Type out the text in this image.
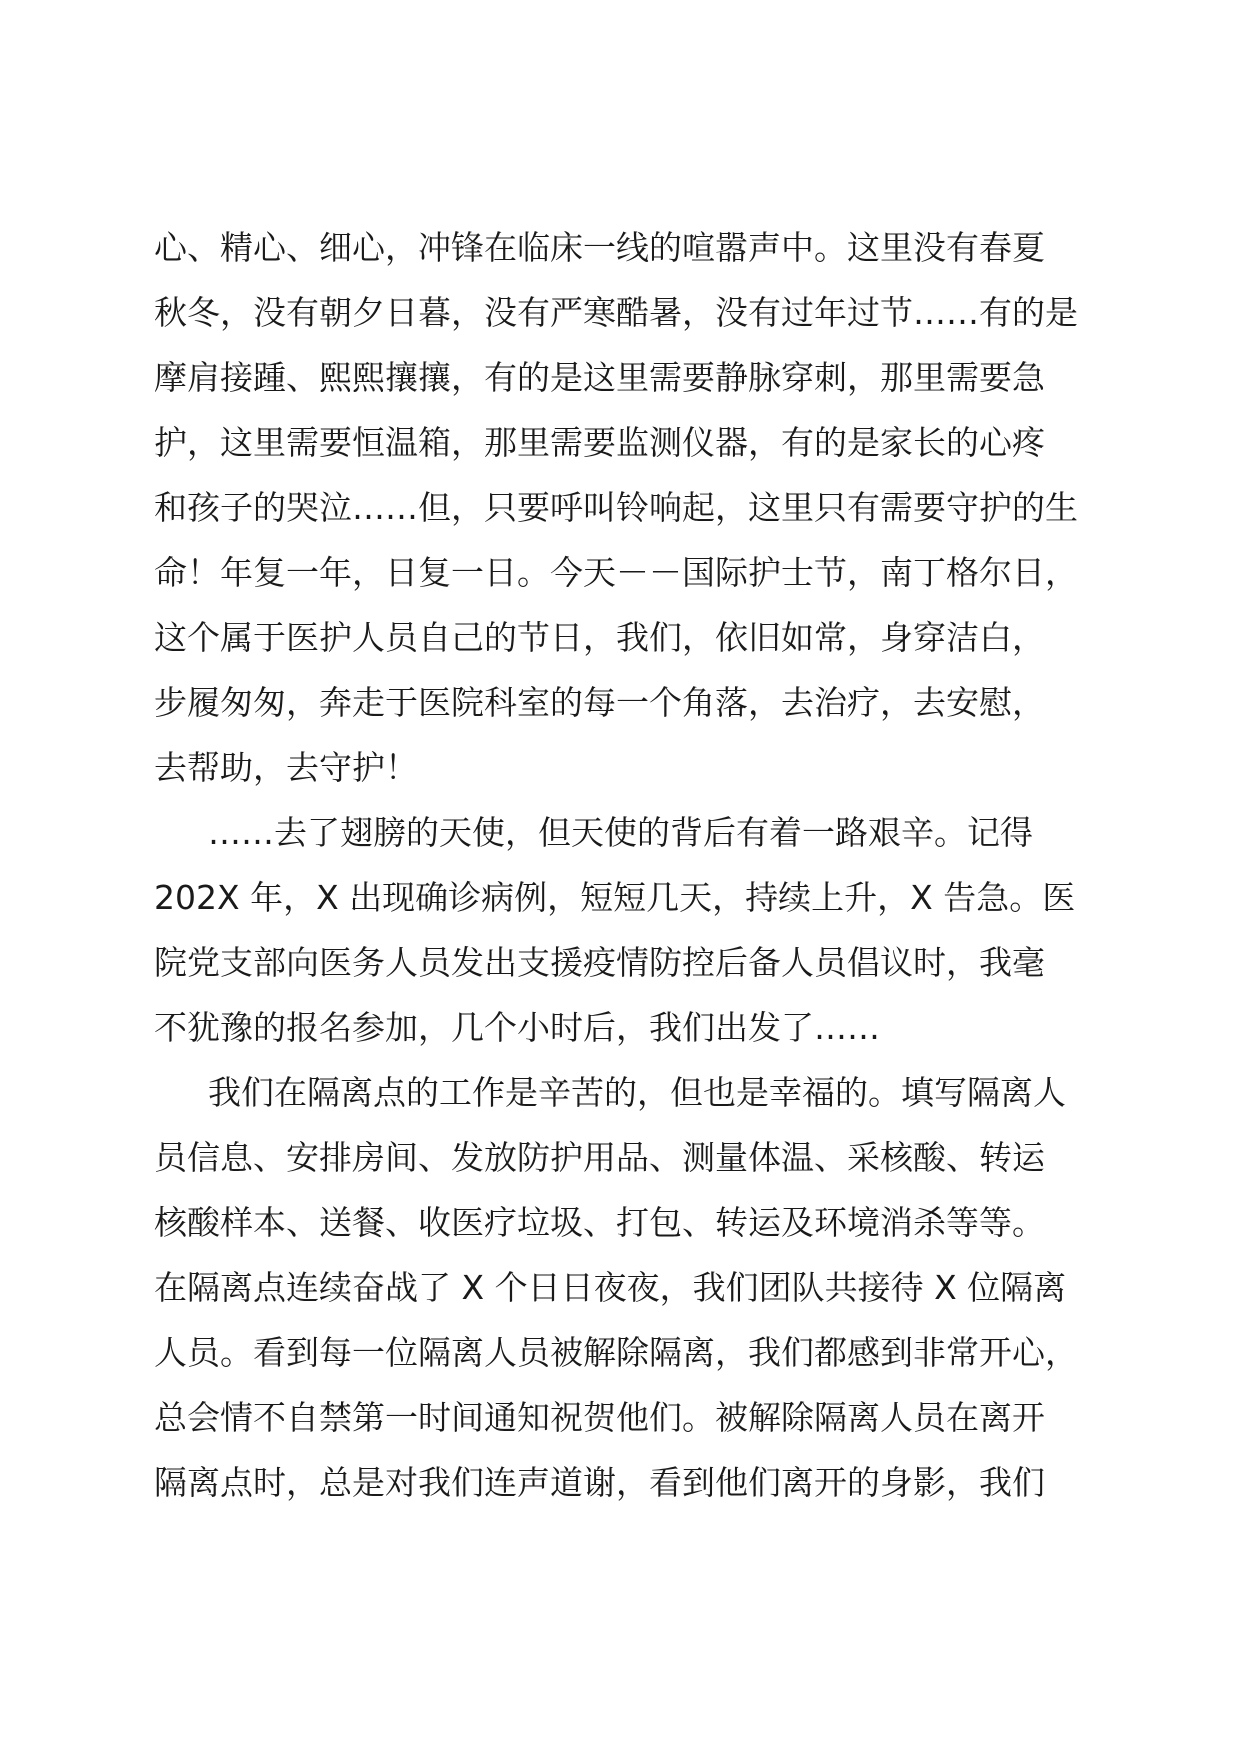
心、精心、细心，冲锋在临床一线的喧嚣声中。这里没有春夏
秋冬，没有朝夕日暮，没有严寒酷暑，没有过年过节……有的是
摩肩接踵、熙熙攘攘，有的是这里需要静脉穿刺，那里需要急
护，这里需要恒温箱，那里需要监测仪器，有的是家长的心疼
和孩子的哭泣……但，只要呼叫铃响起，这里只有需要守护的生
命！年复一年，日复一日。今天－－国际护士节，南丁格尔日，
这个属于医护人员自己的节日，我们，依旧如常，身穿洁白，
步履匆匆，奔走于医院科室的每一个角落，去治疗，去安慰，
去帮助，去守护！
……去了翅膀的天使，但天使的背后有着一路艰辛。记得
202X 年，X 出现确诊病例，短短几天，持续上升，X 告急。医
院党支部向医务人员发出支援疫情防控后备人员倡议时，我毫
不犹豫的报名参加，几个小时后，我们出发了……
我们在隔离点的工作是辛苦的，但也是幸福的。填写隔离人
员信息、安排房间、发放防护用品、测量体温、采核酸、转运
核酸样本、送餐、收医疗垃圾、打包、转运及环境消杀等等。
在隔离点连续奋战了 X 个日日夜夜，我们团队共接待 X 位隔离
人员。看到每一位隔离人员被解除隔离，我们都感到非常开心，
总会情不自禁第一时间通知祝贺他们。被解除隔离人员在离开
隔离点时，总是对我们连声道谢，看到他们离开的身影，我们
